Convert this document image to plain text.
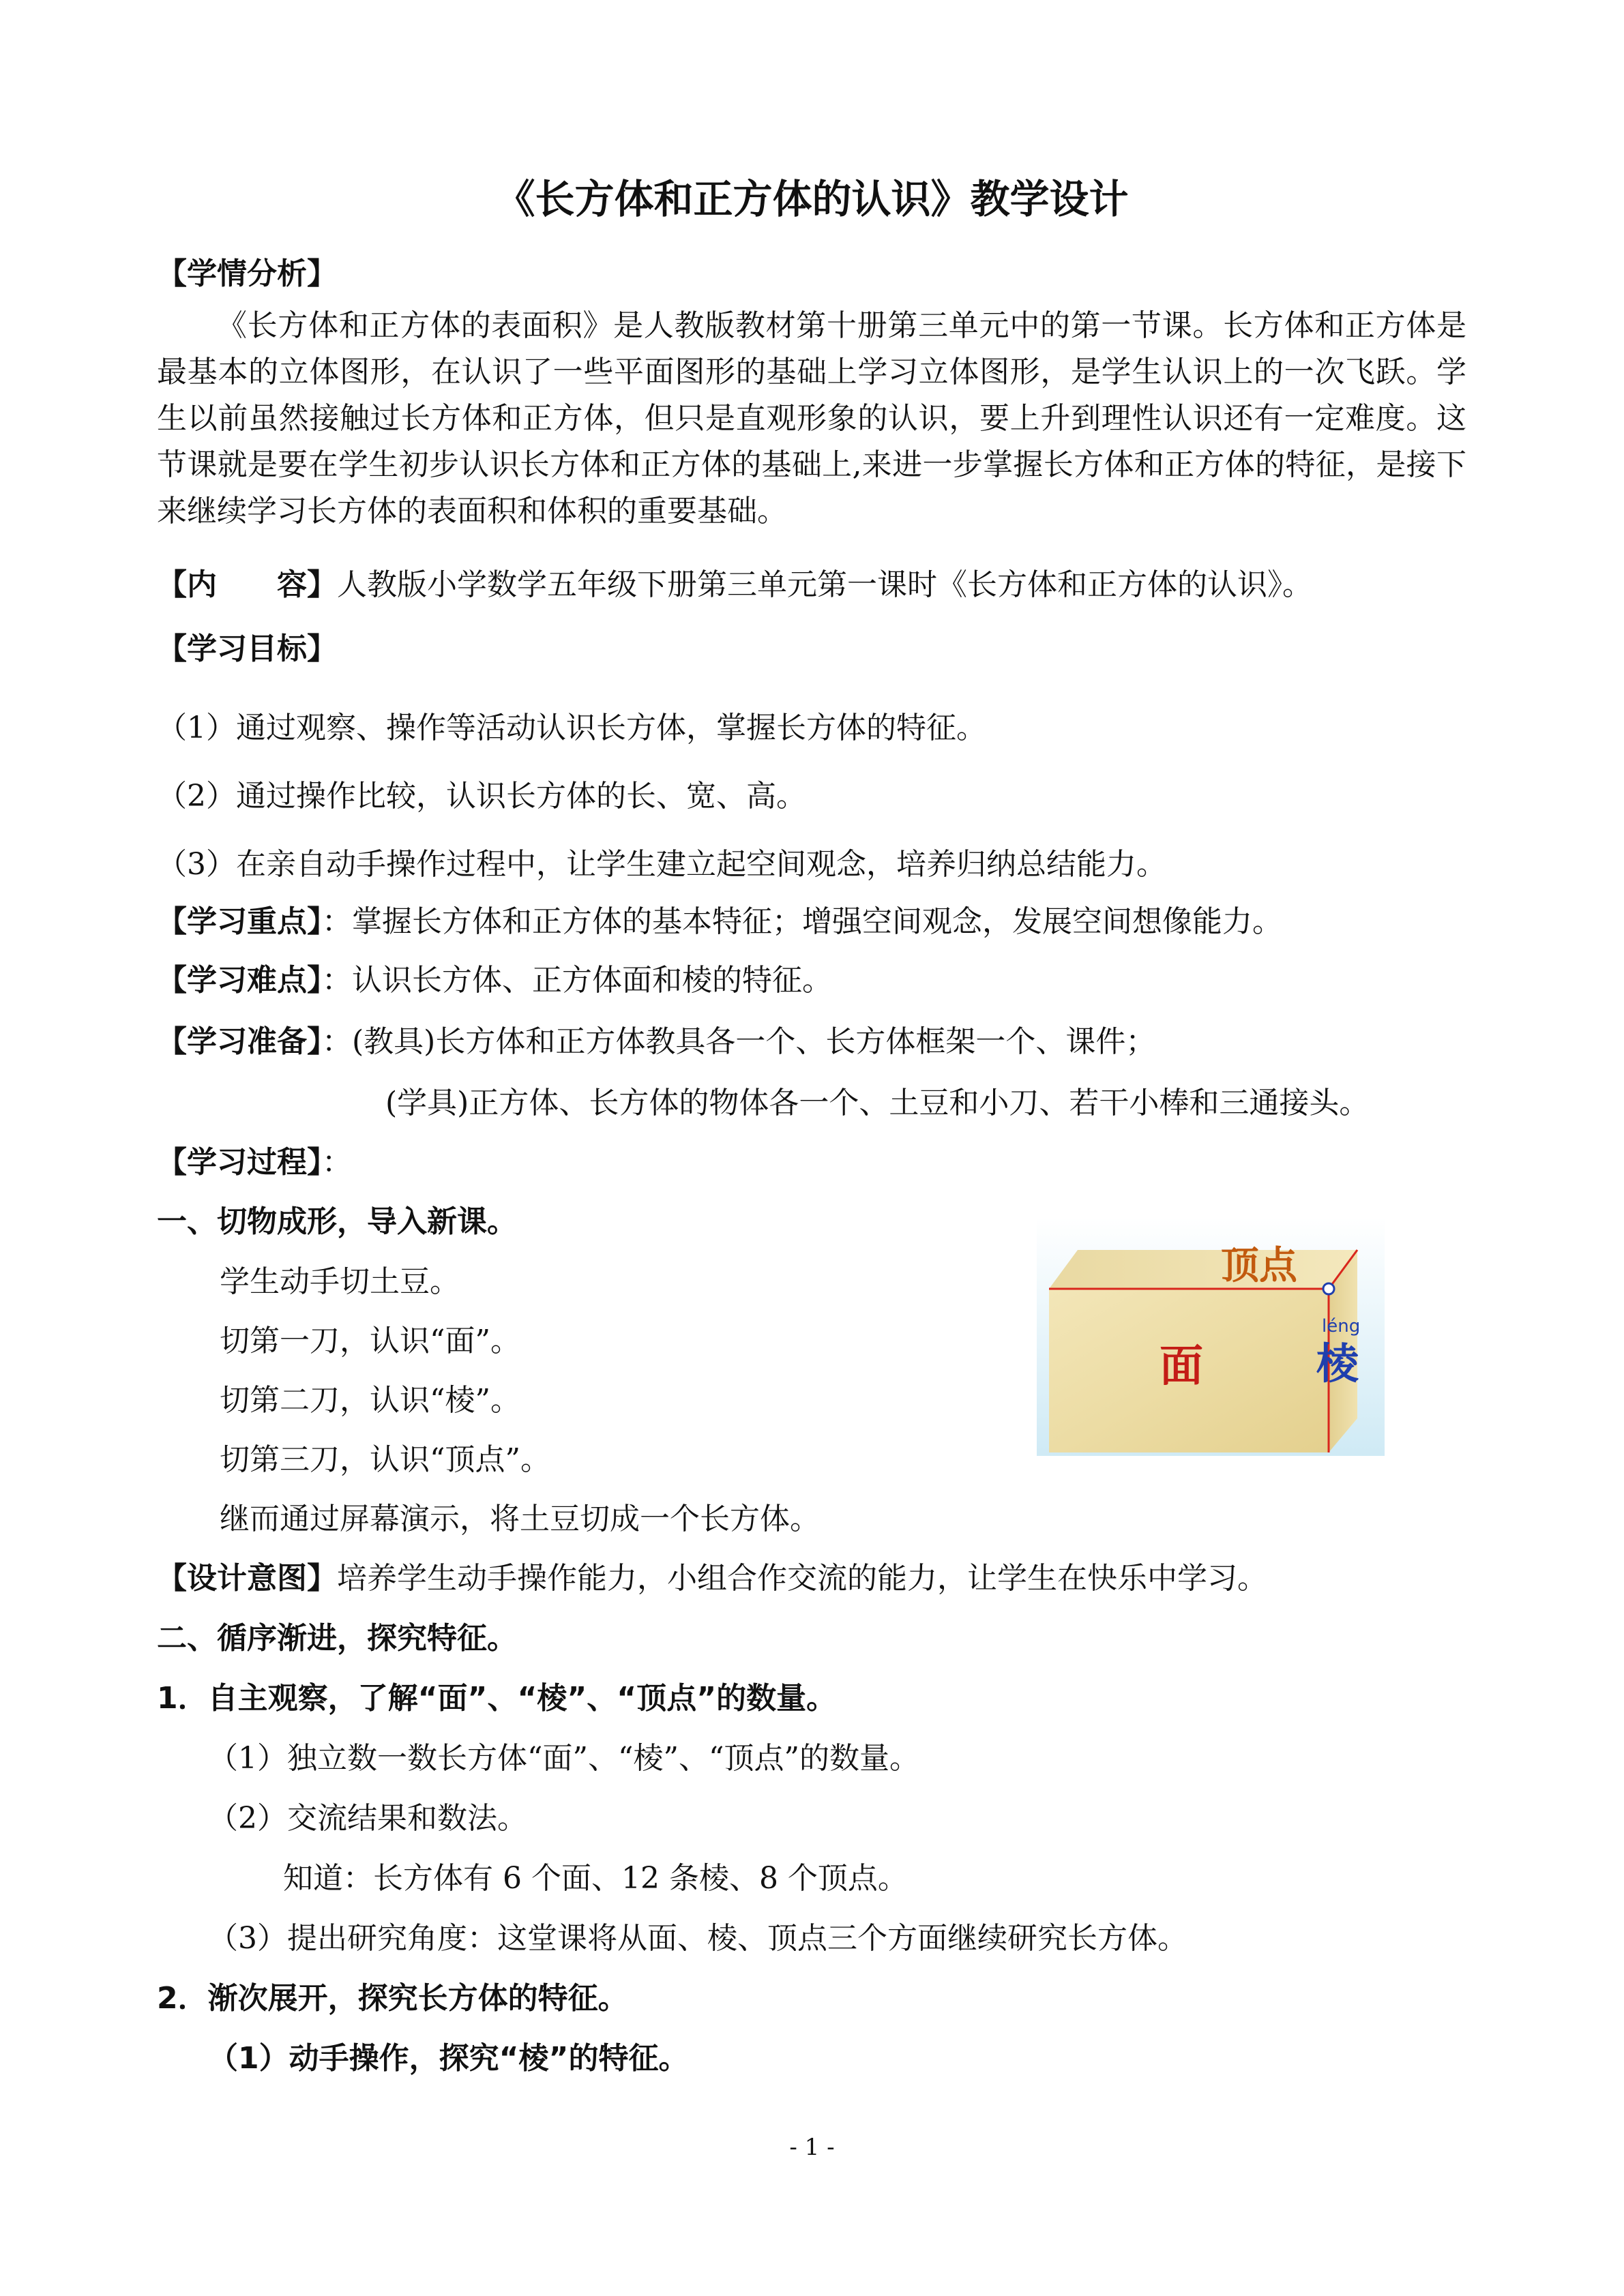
《长方体和正方体的认识》教学设计
【学情分析】
《长方体和正方体的表面积》是人教版教材第十册第三单元中的第一节课。长方体和正方体是最基本的立体图形，在认识了一些平面图形的基础上学习立体图形，是学生认识上的一次飞跃。学生以前虽然接触过长方体和正方体，但只是直观形象的认识，要上升到理性认识还有一定难度。这节课就是要在学生初步认识长方体和正方体的基础上,来进一步掌握长方体和正方体的特征，是接下来继续学习长方体的表面积和体积的重要基础。
【内　　容】人教版小学数学五年级下册第三单元第一课时《长方体和正方体的认识》。
【学习目标】
（1）通过观察、操作等活动认识长方体，掌握长方体的特征。
（2）通过操作比较，认识长方体的长、宽、高。
（3）在亲自动手操作过程中，让学生建立起空间观念，培养归纳总结能力。
【学习重点】：掌握长方体和正方体的基本特征；增强空间观念，发展空间想像能力。
【学习难点】：认识长方体、正方体面和棱的特征。
【学习准备】：(教具)长方体和正方体教具各一个、长方体框架一个、课件；
(学具)正方体、长方体的物体各一个、土豆和小刀、若干小棒和三通接头。
【学习过程】：
一、切物成形，导入新课。
学生动手切土豆。
切第一刀，认识“面”。
切第二刀，认识“棱”。
切第三刀，认识“顶点”。
继而通过屏幕演示，将土豆切成一个长方体。
顶点
面
léng
棱
【设计意图】培养学生动手操作能力，小组合作交流的能力，让学生在快乐中学习。
二、循序渐进，探究特征。
1．自主观察，了解“面”、“棱”、“顶点”的数量。
（1）独立数一数长方体“面”、“棱”、“顶点”的数量。
（2）交流结果和数法。
知道：长方体有 6 个面、12 条棱、8 个顶点。
（3）提出研究角度：这堂课将从面、棱、顶点三个方面继续研究长方体。
2．渐次展开，探究长方体的特征。
（1）动手操作，探究“棱”的特征。
- 1 -
